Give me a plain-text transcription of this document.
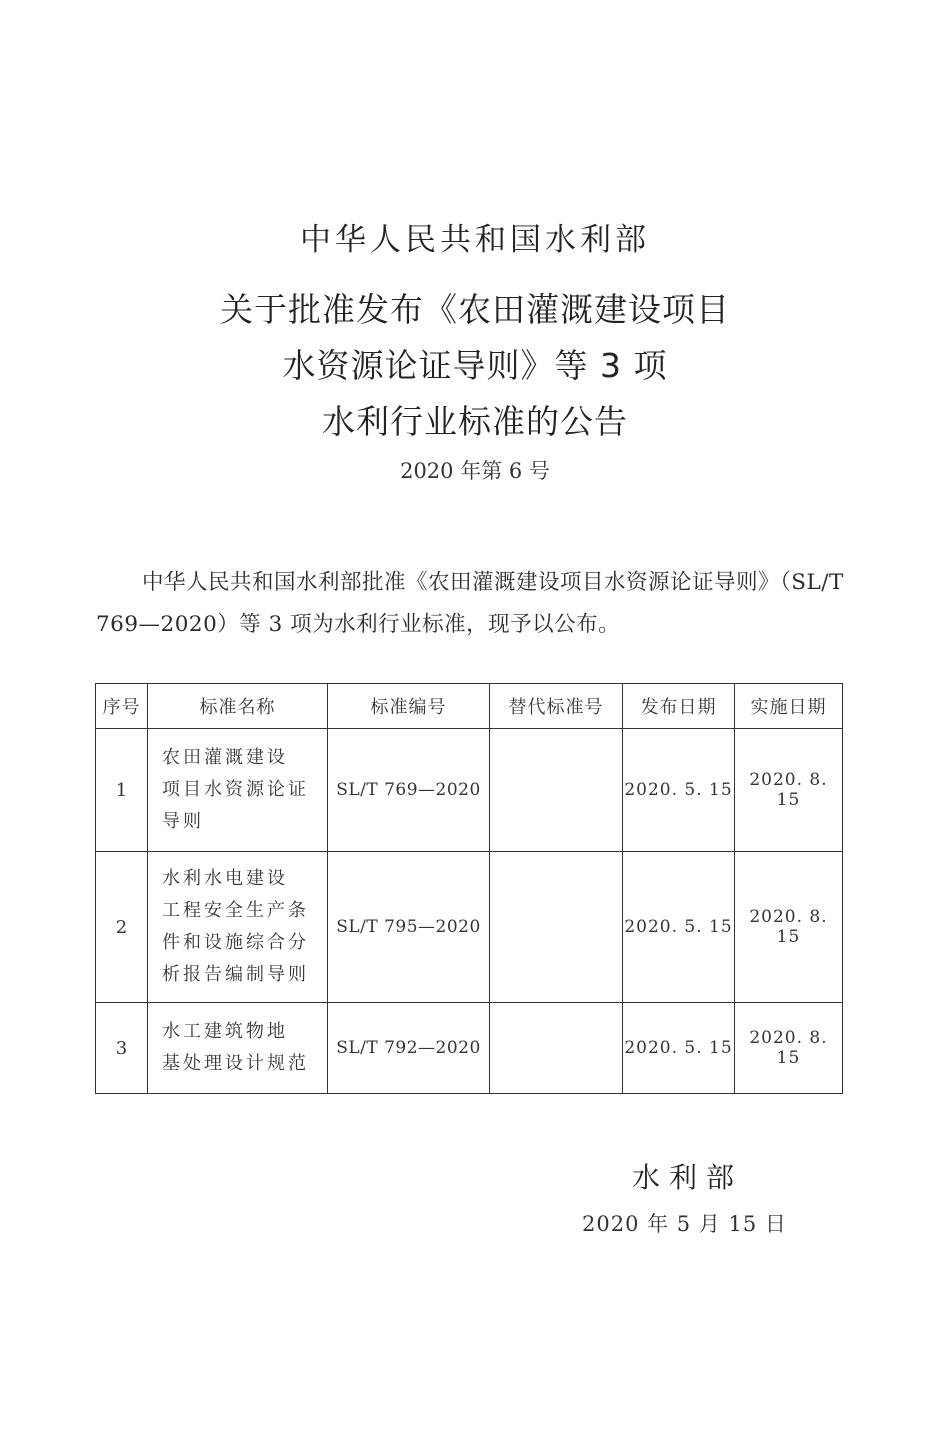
中华人民共和国水利部
关于批准发布《农田灌溉建设项目
水资源论证导则》等 3 项
水利行业标准的公告
2020 年第 6 号
中华人民共和国水利部批准《农田灌溉建设项目水资源论证导则》（SL/T 769—2020）等 3 项为水利行业标准，现予以公布。
序号	标准名称	标准编号	替代标准号	发布日期	实施日期
1	农田灌溉建设
项目水资源论证
导则	SL/T 769—2020		2020. 5. 15	2020. 8. 15
2	水利水电建设
工程安全生产条
件和设施综合分
析报告编制导则	SL/T 795—2020		2020. 5. 15	2020. 8. 15
3	水工建筑物地
基处理设计规范	SL/T 792—2020		2020. 5. 15	2020. 8. 15
水利部
2020 年 5 月 15 日
